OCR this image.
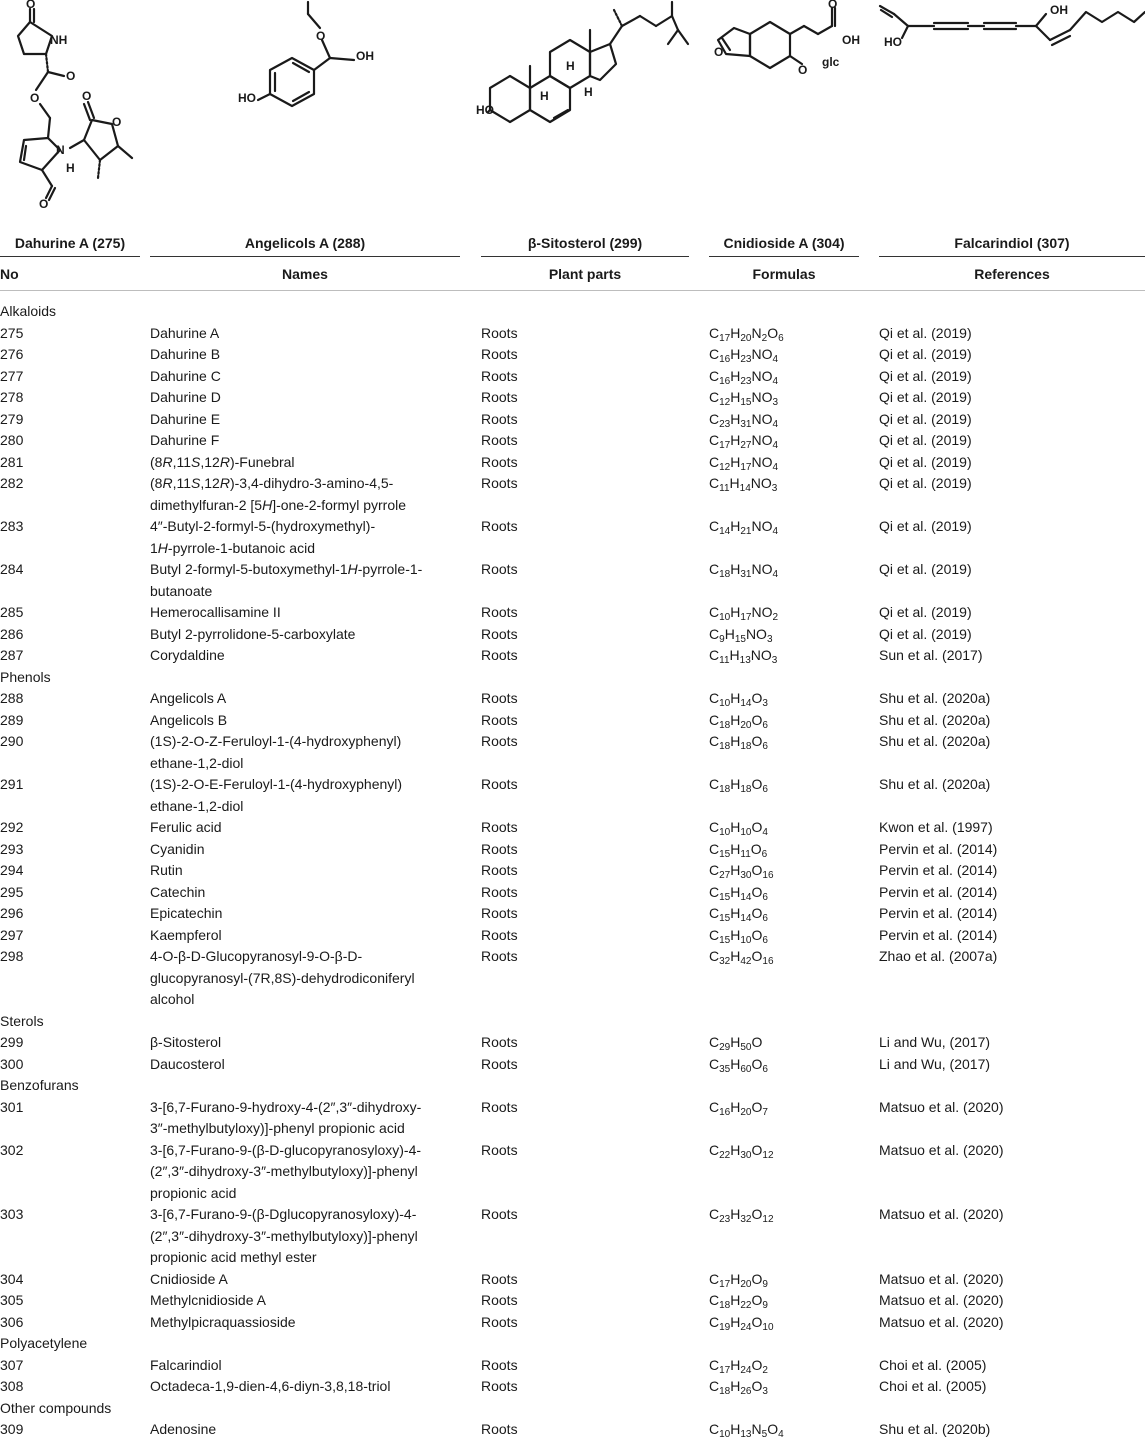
O
NH
O
O
N
O
O
O
H
O
OH
HO	H
H
H
HO
O
O
OH
O
glc
HO
OH
Dahurine A (275)	Angelicols A (288)	β-Sitosterol (299)	Cnidioside A (304)	Falcarindiol (307)
No	Names	Plant parts	Formulas	References
Alkaloids
275	Dahurine A	Roots	$C_{17}H_{20}N_2O_6$	Qi et al. (2019)
276	Dahurine B	Roots	$C_{16}H_{23}NO_4$	Qi et al. (2019)
277	Dahurine C	Roots	$C_{16}H_{23}NO_4$	Qi et al. (2019)
278	Dahurine D	Roots	$C_{12}H_{15}NO_3$	Qi et al. (2019)
279	Dahurine E	Roots	$C_{23}H_{31}NO_4$	Qi et al. (2019)
280	Dahurine F	Roots	$C_{17}H_{27}NO_4$	Qi et al. (2019)
281	(8R,11S,12R)-Funebral	Roots	$C_{12}H_{17}NO_4$	Qi et al. (2019)
282	(8R,11S,12R)-3,4-dihydro-3-amino-4,5-
dimethylfuran-2 [5H]-one-2-formyl pyrrole
Roots	$C_{11}H_{14}NO_3$	Qi et al. (2019)
283	4″-Butyl-2-formyl-5-(hydroxymethyl)-
1H-pyrrole-1-butanoic acid
Roots	$C_{14}H_{21}NO_4$	Qi et al. (2019)
284	Butyl 2-formyl-5-butoxymethyl-1H-pyrrole-1-
butanoate
Roots	$C_{18}H_{31}NO_4$	Qi et al. (2019)
285	Hemerocallisamine II	Roots	$C_{10}H_{17}NO_2$	Qi et al. (2019)
286	Butyl 2-pyrrolidone-5-carboxylate	Roots	$C_9H_{15}NO_3$	Qi et al. (2019)
287	Corydaldine	Roots	$C_{11}H_{13}NO_3$	Sun et al. (2017)
Phenols
288	Angelicols A	Roots	$C_{10}H_{14}O_3$	Shu et al. (2020a)
289	Angelicols B	Roots	$C_{18}H_{20}O_6$	Shu et al. (2020a)
290	(1S)-2-O-Z-Feruloyl-1-(4-hydroxyphenyl)
ethane-1,2-diol
Roots	$C_{18}H_{18}O_6$	Shu et al. (2020a)
291	(1S)-2-O-E-Feruloyl-1-(4-hydroxyphenyl)
ethane-1,2-diol
Roots	$C_{18}H_{18}O_6$	Shu et al. (2020a)
292	Ferulic acid	Roots	$C_{10}H_{10}O_4$	Kwon et al. (1997)
293	Cyanidin	Roots	$C_{15}H_{11}O_6$	Pervin et al. (2014)
294	Rutin	Roots	$C_{27}H_{30}O_{16}$	Pervin et al. (2014)
295	Catechin	Roots	$C_{15}H_{14}O_6$	Pervin et al. (2014)
296	Epicatechin	Roots	$C_{15}H_{14}O_6$	Pervin et al. (2014)
297	Kaempferol	Roots	$C_{15}H_{10}O_6$	Pervin et al. (2014)
298	4-O-β-D-Glucopyranosyl-9-O-β-D-
glucopyranosyl-(7R,8S)-dehydrodiconiferyl
alcohol
Roots	$C_{32}H_{42}O_{16}$	Zhao et al. (2007a)
Sterols
299	β-Sitosterol	Roots	$C_{29}H_{50}O$	Li and Wu, (2017)
300	Daucosterol	Roots	$C_{35}H_{60}O_6$	Li and Wu, (2017)
Benzofurans
301	3-[6,7-Furano-9-hydroxy-4-(2″,3″-dihydroxy-
3″-methylbutyloxy)]-phenyl propionic acid
Roots	$C_{16}H_{20}O_7$	Matsuo et al. (2020)
302	3-[6,7-Furano-9-(β-D-glucopyranosyloxy)-4-
(2″,3″-dihydroxy-3″-methylbutyloxy)]-phenyl
propionic acid
Roots	$C_{22}H_{30}O_{12}$	Matsuo et al. (2020)
303	3-[6,7-Furano-9-(β-Dglucopyranosyloxy)-4-
(2″,3″-dihydroxy-3″-methylbutyloxy)]-phenyl
propionic acid methyl ester
Roots	$C_{23}H_{32}O_{12}$	Matsuo et al. (2020)
304	Cnidioside A	Roots	$C_{17}H_{20}O_9$	Matsuo et al. (2020)
305	Methylcnidioside A	Roots	$C_{18}H_{22}O_9$	Matsuo et al. (2020)
306	Methylpicraquassioside	Roots	$C_{19}H_{24}O_{10}$	Matsuo et al. (2020)
Polyacetylene
307	Falcarindiol	Roots	$C_{17}H_{24}O_2$	Choi et al. (2005)
308	Octadeca-1,9-dien-4,6-diyn-3,8,18-triol	Roots	$C_{18}H_{26}O_3$	Choi et al. (2005)
Other compounds
309	Adenosine	Roots	$C_{10}H_{13}N_5O_4$	Shu et al. (2020b)
